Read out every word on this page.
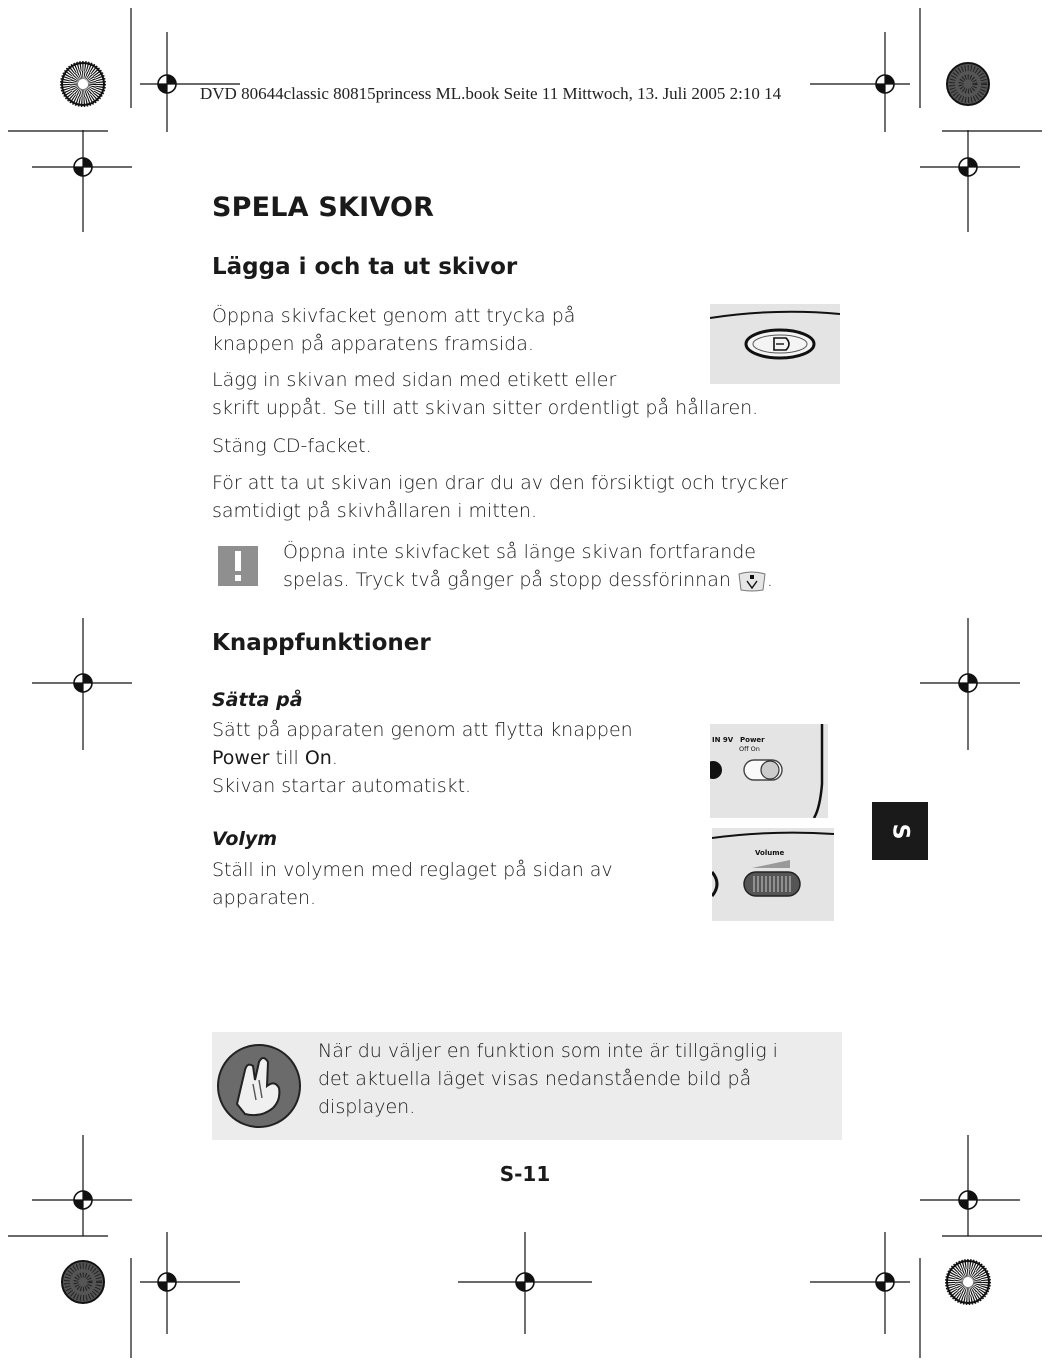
DVD 80644classic 80815princess ML.book Seite 11 Mittwoch, 13. Juli 2005 2:10 14
SPELA SKIVOR
Lägga i och ta ut skivor

Öppna skivfacket genom att trycka på

knappen på apparatens framsida.

Lägg in skivan med sidan med etikett eller

skrift uppåt. Se till att skivan sitter ordentligt på hållaren.

Stäng CD-facket.

För att ta ut skivan igen drar du av den försiktigt och trycker

samtidigt på skivhållaren i mitten.

Öppna inte skivfacket så länge skivan fortfarande

spelas. Tryck två gånger på stopp dessförinnan .

Knappfunktioner
Sätta på

Sätt på apparaten genom att flytta knappen

Power till On.

Skivan startar automatiskt.

IN 9V Power
Off On
Volym

Ställ in volymen med reglaget på sidan av

apparaten.

Volume
S

När du väljer en funktion som inte är tillgänglig i

det aktuella läget visas nedanstående bild på

displayen.

S-11
